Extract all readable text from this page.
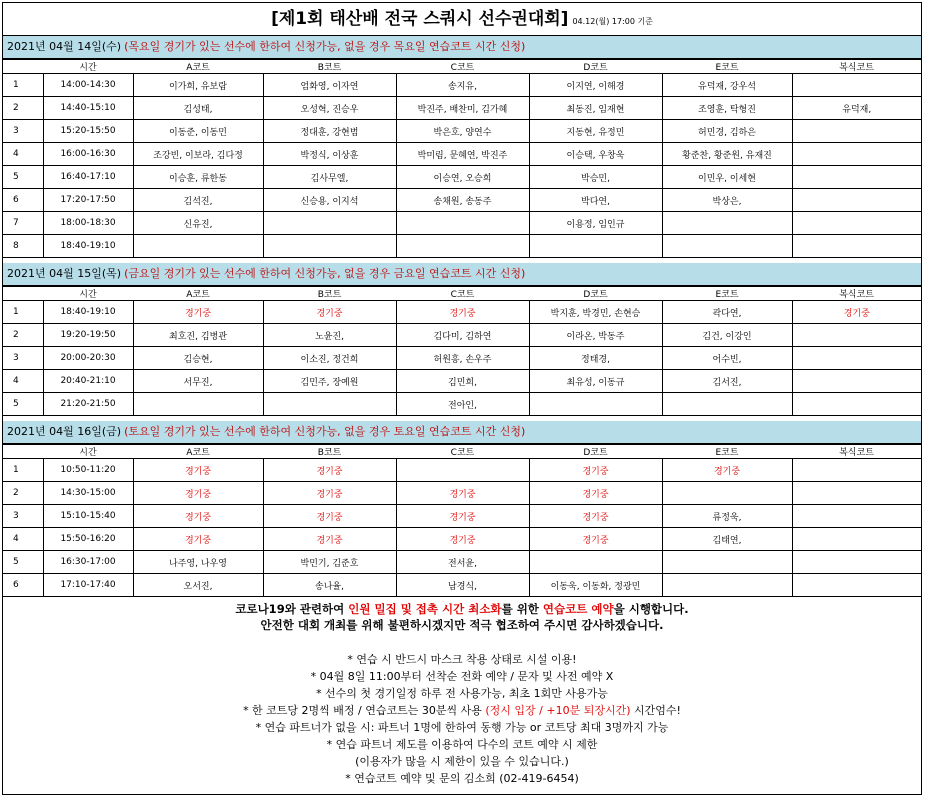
[제1회 태산배 전국 스쿼시 선수권대회] 04.12(월) 17:00 기준
2021년 04월 14일(수) (목요일 경기가 있는 선수에 한하여 신청가능, 없을 경우 목요일 연습코트 시간 신청)
	시간	A코트	B코트	C코트	D코트	E코트	복식코트
1	14:00-14:30	이가희, 유보람	엄화영, 이자연	송지유,	이지연, 이해경	유덕재, 강우석	
2	14:40-15:10	김성태,	오성혁, 진승우	박진주, 배찬미, 김가혜	최동진, 임재현	조영훈, 탁형진	유덕재,
3	15:20-15:50	이동준, 이동민	정대훈, 강현범	박은호, 양연수	지동현, 유정민	허민경, 김하은	
4	16:00-16:30	조강빈, 이보라, 김다정	박정식, 이상훈	박미림, 문혜연, 박진주	이승택, 우창욱	황준찬, 황준원, 유재진	
5	16:40-17:10	이승훈, 류한동	김사무엘,	이승연, 오승희	박승민,	이민우, 이세현	
6	17:20-17:50	김석진,	신승용, 이지석	송채원, 송동주	박다연,	박상은,	
7	18:00-18:30	신유진,			이용정, 임인규		
8	18:40-19:10						
2021년 04월 15일(목) (금요일 경기가 있는 선수에 한하여 신청가능, 없을 경우 금요일 연습코트 시간 신청)
	시간	A코트	B코트	C코트	D코트	E코트	복식코트
1	18:40-19:10	경기중	경기중	경기중	박지훈, 박경민, 손현승	곽다연,	경기중
2	19:20-19:50	최호진, 김병관	노윤진,	김다미, 김하연	이라온, 박동주	김건, 이강인	
3	20:00-20:30	김승현,	이소진, 정건희	허원흥, 손우주	정태경,	어수빈,	
4	20:40-21:10	서무진,	김민주, 장예원	김민희,	최유성, 이동규	김서진,	
5	21:20-21:50			전아인,			
2021년 04월 16일(금) (토요일 경기가 있는 선수에 한하여 신청가능, 없을 경우 토요일 연습코트 시간 신청)
	시간	A코트	B코트	C코트	D코트	E코트	복식코트
1	10:50-11:20	경기중	경기중		경기중	경기중	
2	14:30-15:00	경기중	경기중	경기중	경기중		
3	15:10-15:40	경기중	경기중	경기중	경기중	류정욱,	
4	15:50-16:20	경기중	경기중	경기중	경기중	김태연,	
5	16:30-17:00	나주영, 나우영	박민기, 김준호	전서윤,			
6	17:10-17:40	오서진,	송나율,	남경식,	이동욱, 이동화, 정광민		
코로나19와 관련하여 인원 밀집 및 접촉 시간 최소화를 위한 연습코트 예약을 시행합니다.
안전한 대회 개최를 위해 불편하시겠지만 적극 협조하여 주시면 감사하겠습니다.
* 연습 시 반드시 마스크 착용 상태로 시설 이용!
* 04월 8일 11:00부터 선착순 전화 예약 / 문자 및 사전 예약 X
* 선수의 첫 경기일정 하루 전 사용가능, 최초 1회만 사용가능
* 한 코트당 2명씩 배정 / 연습코트는 30분씩 사용 (정시 입장 / +10분 퇴장시간) 시간엄수!
* 연습 파트너가 없을 시: 파트너 1명에 한하여 동행 가능 or 코트당 최대 3명까지 가능
* 연습 파트너 제도를 이용하여 다수의 코트 예약 시 제한
(이용자가 많을 시 제한이 있을 수 있습니다.)
* 연습코트 예약 및 문의 김소희 (02-419-6454)
